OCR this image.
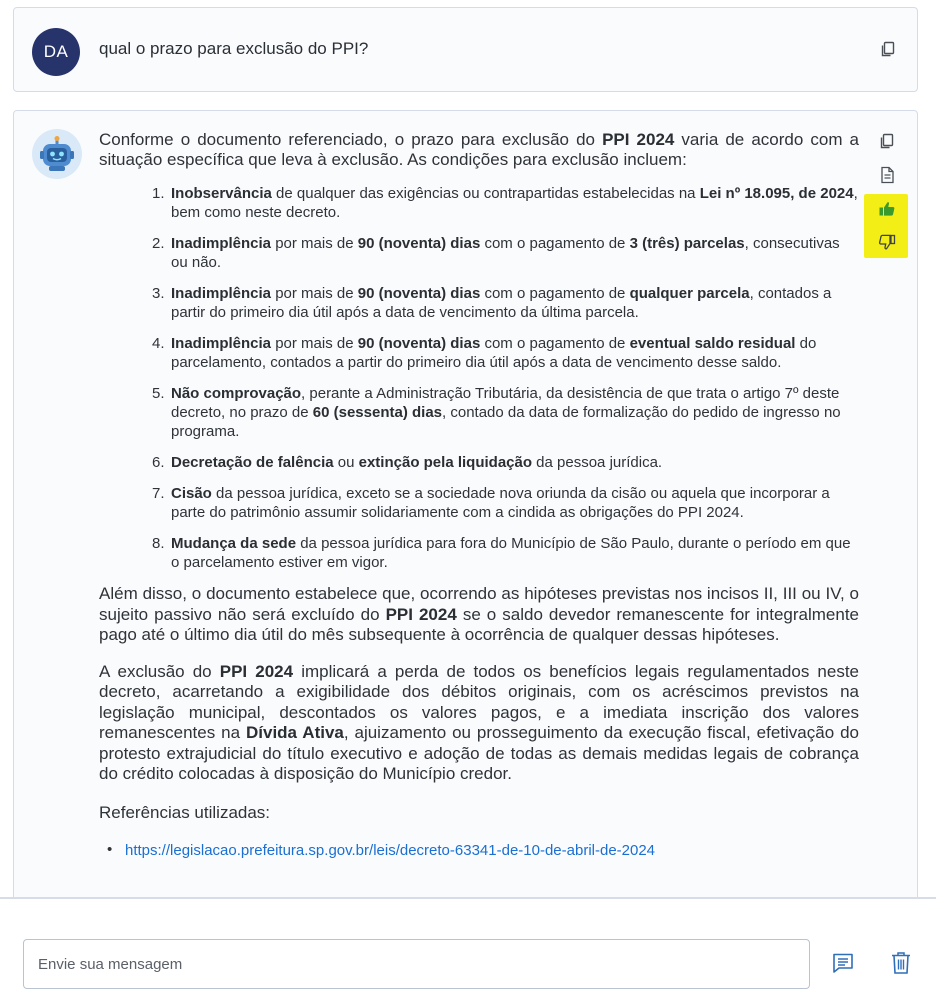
DA	qual o prazo para exclusão do PPI?

Conforme o documento referenciado, o prazo para exclusão do PPI 2024 varia de acordo com a situação específica que leva à exclusão. As condições para exclusão incluem:

1. Inobservância de qualquer das exigências ou contrapartidas estabelecidas na Lei nº 18.095, de 2024, bem como neste decreto.
2. Inadimplência por mais de 90 (noventa) dias com o pagamento de 3 (três) parcelas, consecutivas ou não.
3. Inadimplência por mais de 90 (noventa) dias com o pagamento de qualquer parcela, contados a partir do primeiro dia útil após a data de vencimento da última parcela.
4. Inadimplência por mais de 90 (noventa) dias com o pagamento de eventual saldo residual do parcelamento, contados a partir do primeiro dia útil após a data de vencimento desse saldo.
5. Não comprovação, perante a Administração Tributária, da desistência de que trata o artigo 7º deste decreto, no prazo de 60 (sessenta) dias, contado da data de formalização do pedido de ingresso no programa.
6. Decretação de falência ou extinção pela liquidação da pessoa jurídica.
7. Cisão da pessoa jurídica, exceto se a sociedade nova oriunda da cisão ou aquela que incorporar a parte do patrimônio assumir solidariamente com a cindida as obrigações do PPI 2024.
8. Mudança da sede da pessoa jurídica para fora do Município de São Paulo, durante o período em que o parcelamento estiver em vigor.

Além disso, o documento estabelece que, ocorrendo as hipóteses previstas nos incisos II, III ou IV, o sujeito passivo não será excluído do PPI 2024 se o saldo devedor remanescente for integralmente pago até o último dia útil do mês subsequente à ocorrência de qualquer dessas hipóteses.

A exclusão do PPI 2024 implicará a perda de todos os benefícios legais regulamentados neste decreto, acarretando a exigibilidade dos débitos originais, com os acréscimos previstos na legislação municipal, descontados os valores pagos, e a imediata inscrição dos valores remanescentes na Dívida Ativa, ajuizamento ou prosseguimento da execução fiscal, efetivação do protesto extrajudicial do título executivo e adoção de todas as demais medidas legais de cobrança do crédito colocadas à disposição do Município credor.

Referências utilizadas:

• https://legislacao.prefeitura.sp.gov.br/leis/decreto-63341-de-10-de-abril-de-2024
Envie sua mensagem
